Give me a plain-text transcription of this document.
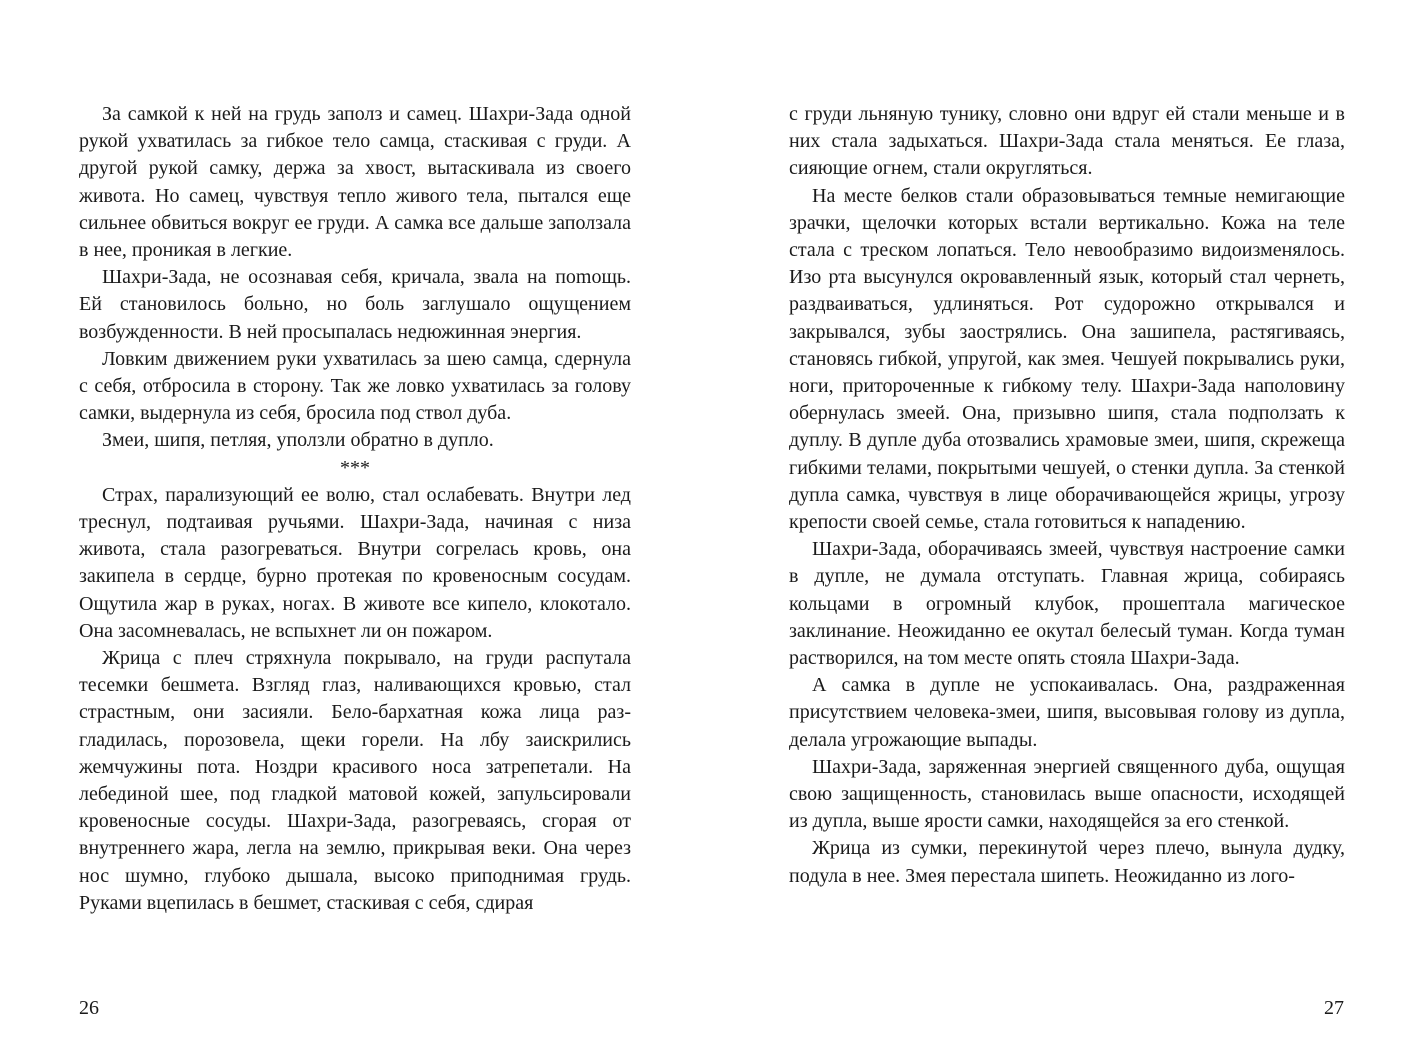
За самкой к ней на грудь заполз и самец. Шахри-Зада одной рукой ухватилась за гибкое тело самца, стаскивая с груди. А другой рукой самку, держа за хвост, вытаскивала из своего живота. Но самец, чувствуя тепло живого тела, пытался еще сильнее обвиться вокруг ее груди. А самка все дальше заползала в нее, проникая в легкие.

Шахри-Зада, не осознавая себя, кричала, звала на поmощь. Ей становилось больно, но боль заглушало ощущением возбужденности. В ней просыпалась недюжинная энергия.

Ловким движением руки ухватилась за шею самца, сдернула с себя, отбросила в сторону. Так же ловко ухватилась за голову самки, выдернула из себя, бросила под ствол дуба.

Змеи, шипя, петляя, уползли обратно в дупло.

***

Страх, парализующий ее волю, стал ослабевать. Внутри лед треснул, подтаивая ручьями. Шахри-Зада, начиная с низа живота, стала разогреваться. Внутри согрелась кровь, она закипела в сердце, бурно протекая по кровеносным сосудам. Ощутила жар в руках, ногах. В животе все кипело, клокотало. Она засомневалась, не вспыхнет ли он пожаром.

Жрица с плеч стряхнула покрывало, на груди распутала тесемки бешмета. Взгляд глаз, наливающихся кровью, стал страстным, они засияли. Бело-бархатная кожа лица разгладилась, порозовела, щеки горели. На лбу заискрились жемчужины пота. Ноздри красивого носа затрепетали. На лебединой шее, под гладкой матовой кожей, запульсировали кровеносные сосуды. Шахри-Зада, разогреваясь, сгорая от внутреннего жара, легла на землю, прикрывая веки. Она через нос шумно, глубоко дышала, высоко приподнимая грудь. Руками вцепилась в бешмет, стаскивая с себя, сдирая

26

с груди льняную тунику, словно они вдруг ей стали меньше и в них стала задыхаться. Шахри-Зада стала меняться. Ее глаза, сияющие огнем, стали округляться.

На месте белков стали образовываться темные немигающие зрачки, щелочки которых встали вертикально. Кожа на теле стала с треском лопаться. Тело невообразимо видоизменялось. Изо рта высунулся окровавленный язык, который стал чернеть, раздваиваться, удлиняться. Рот судорожно открывался и закрывался, зубы заострялись. Она зашипела, растягиваясь, становясь гибкой, упругой, как змея. Чешуей покрывались руки, ноги, притороченные к гибкому телу. Шахри-Зада наполовину обернулась змеей. Она, призывно шипя, стала подползать к дуплу. В дупле дуба отозвались храмовые змеи, шипя, скрежеща гибкими телами, покрытыми чешуей, о стенки дупла. За стенкой дупла самка, чувствуя в лице оборачивающейся жрицы, угрозу крепости своей семье, стала готовиться к нападению.

Шахри-Зада, оборачиваясь змеей, чувствуя настроение самки в дупле, не думала отступать. Главная жрица, собираясь кольцами в огромный клубок, прошептала магическое заклинание. Неожиданно ее окутал белесый туман. Когда туман растворился, на том месте опять стояла Шахри-Зада.

А самка в дупле не успокаивалась. Она, раздраженная присутствием человека-змеи, шипя, высовывая голову из дупла, делала угрожающие выпады.

Шахри-Зада, заряженная энергией священного дуба, ощущая свою защищенность, становилась выше опасности, исходящей из дупла, выше ярости самки, находящейся за его стенкой.

Жрица из сумки, перекинутой через плечо, вынула дудку, подула в нее. Змея перестала шипеть. Неожиданно из лого-

27
